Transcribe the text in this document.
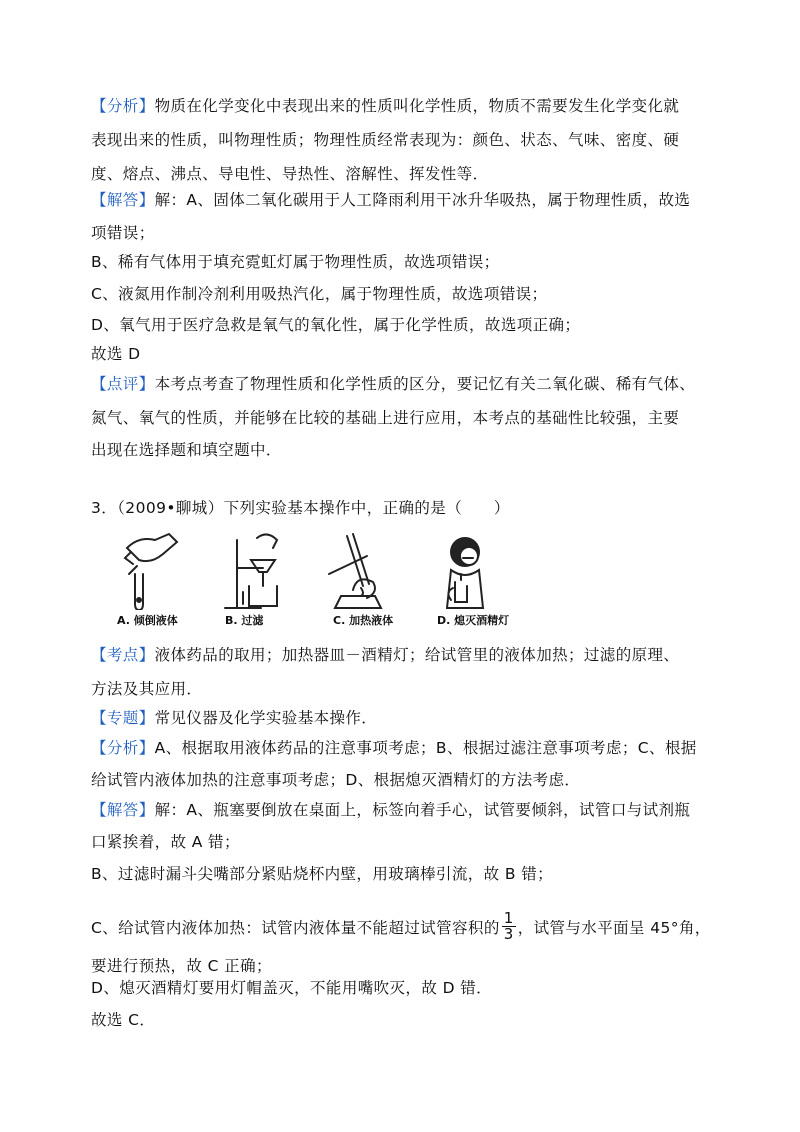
【分析】物质在化学变化中表现出来的性质叫化学性质，物质不需要发生化学变化就
表现出来的性质，叫物理性质；物理性质经常表现为：颜色、状态、气味、密度、硬
度、熔点、沸点、导电性、导热性、溶解性、挥发性等．
【解答】解：A、固体二氧化碳用于人工降雨利用干冰升华吸热，属于物理性质，故选
项错误；
B、稀有气体用于填充霓虹灯属于物理性质，故选项错误；
C、液氮用作制冷剂利用吸热汽化，属于物理性质，故选项错误；
D、氧气用于医疗急救是氧气的氧化性，属于化学性质，故选项正确；
故选 D
【点评】本考点考查了物理性质和化学性质的区分，要记忆有关二氧化碳、稀有气体、
氮气、氧气的性质，并能够在比较的基础上进行应用，本考点的基础性比较强，主要
出现在选择题和填空题中．
3．（2009•聊城）下列实验基本操作中，正确的是（　　）
A. 倾倒液体	B. 过滤	C. 加热液体	D. 熄灭酒精灯
【考点】液体药品的取用；加热器皿－酒精灯；给试管里的液体加热；过滤的原理、
方法及其应用．
【专题】常见仪器及化学实验基本操作．
【分析】A、根据取用液体药品的注意事项考虑；B、根据过滤注意事项考虑；C、根据
给试管内液体加热的注意事项考虑；D、根据熄灭酒精灯的方法考虑．
【解答】解：A、瓶塞要倒放在桌面上，标签向着手心，试管要倾斜，试管口与试剂瓶
口紧挨着，故 A 错；
B、过滤时漏斗尖嘴部分紧贴烧杯内壁，用玻璃棒引流，故 B 错；
C、给试管内液体加热：试管内液体量不能超过试管容积的 $\frac{1}{3}$ ，试管与水平面呈 45°角，
要进行预热，故 C 正确；
D、熄灭酒精灯要用灯帽盖灭，不能用嘴吹灭，故 D 错．
故选 C．
